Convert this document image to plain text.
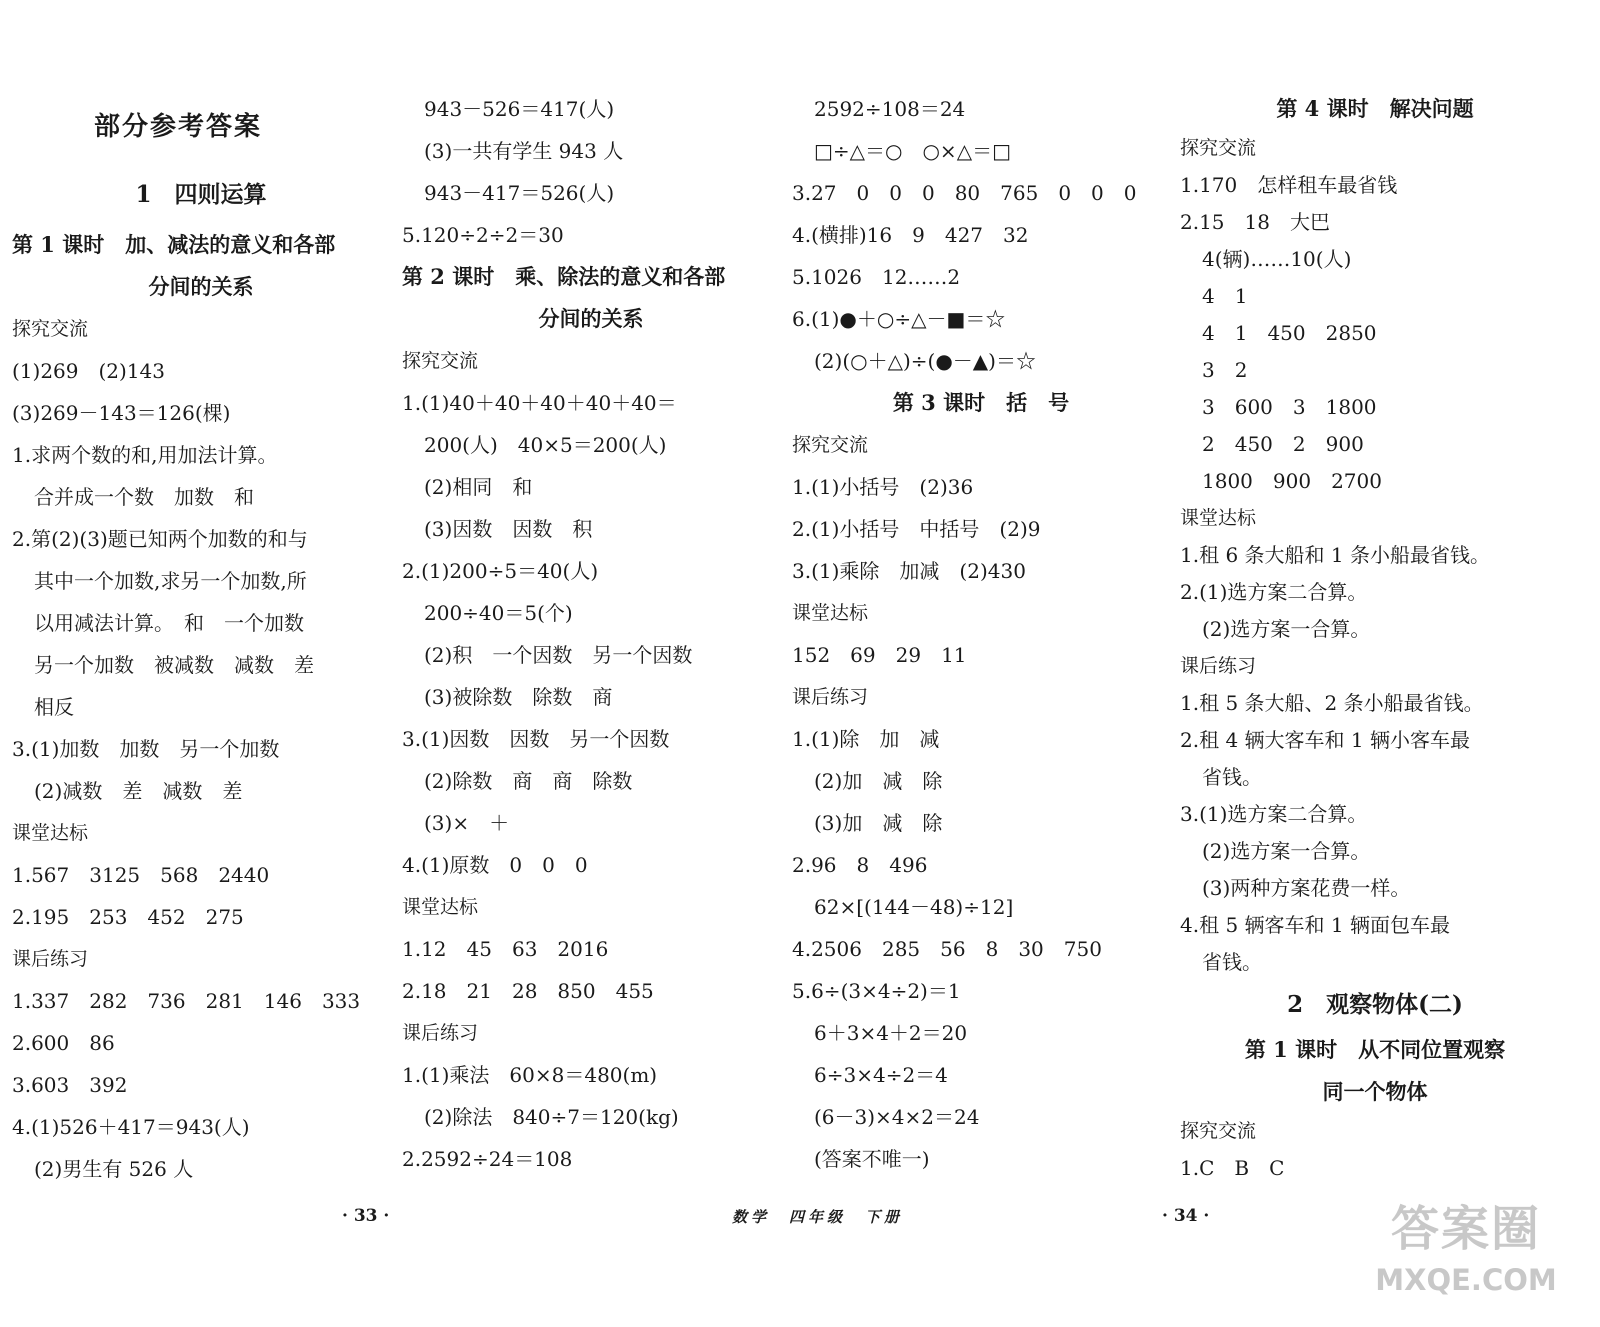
部分参考答案
1　四则运算
第 1 课时　加、减法的意义和各部
分间的关系
探究交流
(1)269　(2)143
(3)269－143＝126(棵)
1.求两个数的和,用加法计算。
合并成一个数　加数　和
2.第(2)(3)题已知两个加数的和与
其中一个加数,求另一个加数,所
以用减法计算。　和　一个加数
另一个加数　被减数　减数　差
相反
3.(1)加数　加数　另一个加数
(2)减数　差　减数　差
课堂达标
1.567　3125　568　2440
2.195　253　452　275
课后练习
1.337　282　736　281　146　333
2.600　86
3.603　392
4.(1)526＋417＝943(人)
(2)男生有 526 人
943－526＝417(人)
(3)一共有学生 943 人
943－417＝526(人)
5.120÷2÷2＝30
第 2 课时　乘、除法的意义和各部
分间的关系
探究交流
1.(1)40＋40＋40＋40＋40＝
200(人)　40×5＝200(人)
(2)相同　和
(3)因数　因数　积
2.(1)200÷5＝40(人)
200÷40＝5(个)
(2)积　一个因数　另一个因数
(3)被除数　除数　商
3.(1)因数　因数　另一个因数
(2)除数　商　商　除数
(3)×　＋
4.(1)原数　0　0　0
课堂达标
1.12　45　63　2016
2.18　21　28　850　455
课后练习
1.(1)乘法　60×8＝480(m)
(2)除法　840÷7＝120(kg)
2.2592÷24＝108
2592÷108＝24
□÷△＝○　○×△＝□
3.27　0　0　0　80　765　0　0　0
4.(横排)16　9　427　32
5.1026　12……2
6.(1)●＋○÷△－■＝☆
(2)(○＋△)÷(●－▲)＝☆
第 3 课时　括　号
探究交流
1.(1)小括号　(2)36
2.(1)小括号　中括号　(2)9
3.(1)乘除　加减　(2)430
课堂达标
152　69　29　11
课后练习
1.(1)除　加　减
(2)加　减　除
(3)加　减　除
2.96　8　496
62×[(144－48)÷12]
4.2506　285　56　8　30　750
5.6÷(3×4÷2)＝1
6＋3×4＋2＝20
6÷3×4÷2＝4
(6－3)×4×2＝24
(答案不唯一)
第 4 课时　解决问题
探究交流
1.170　怎样租车最省钱
2.15　18　大巴
4(辆)……10(人)
4　1
4　1　450　2850
3　2
3　600　3　1800
2　450　2　900
1800　900　2700
课堂达标
1.租 6 条大船和 1 条小船最省钱。
2.(1)选方案二合算。
(2)选方案一合算。
课后练习
1.租 5 条大船、2 条小船最省钱。
2.租 4 辆大客车和 1 辆小客车最
省钱。
3.(1)选方案二合算。
(2)选方案一合算。
(3)两种方案花费一样。
4.租 5 辆客车和 1 辆面包车最
省钱。
2　观察物体(二)
第 1 课时　从不同位置观察
同一个物体
探究交流
1.C　B　C
· 33 ·	数学　四年级　下册	· 34 ·	答案圈
MXQE.COM
